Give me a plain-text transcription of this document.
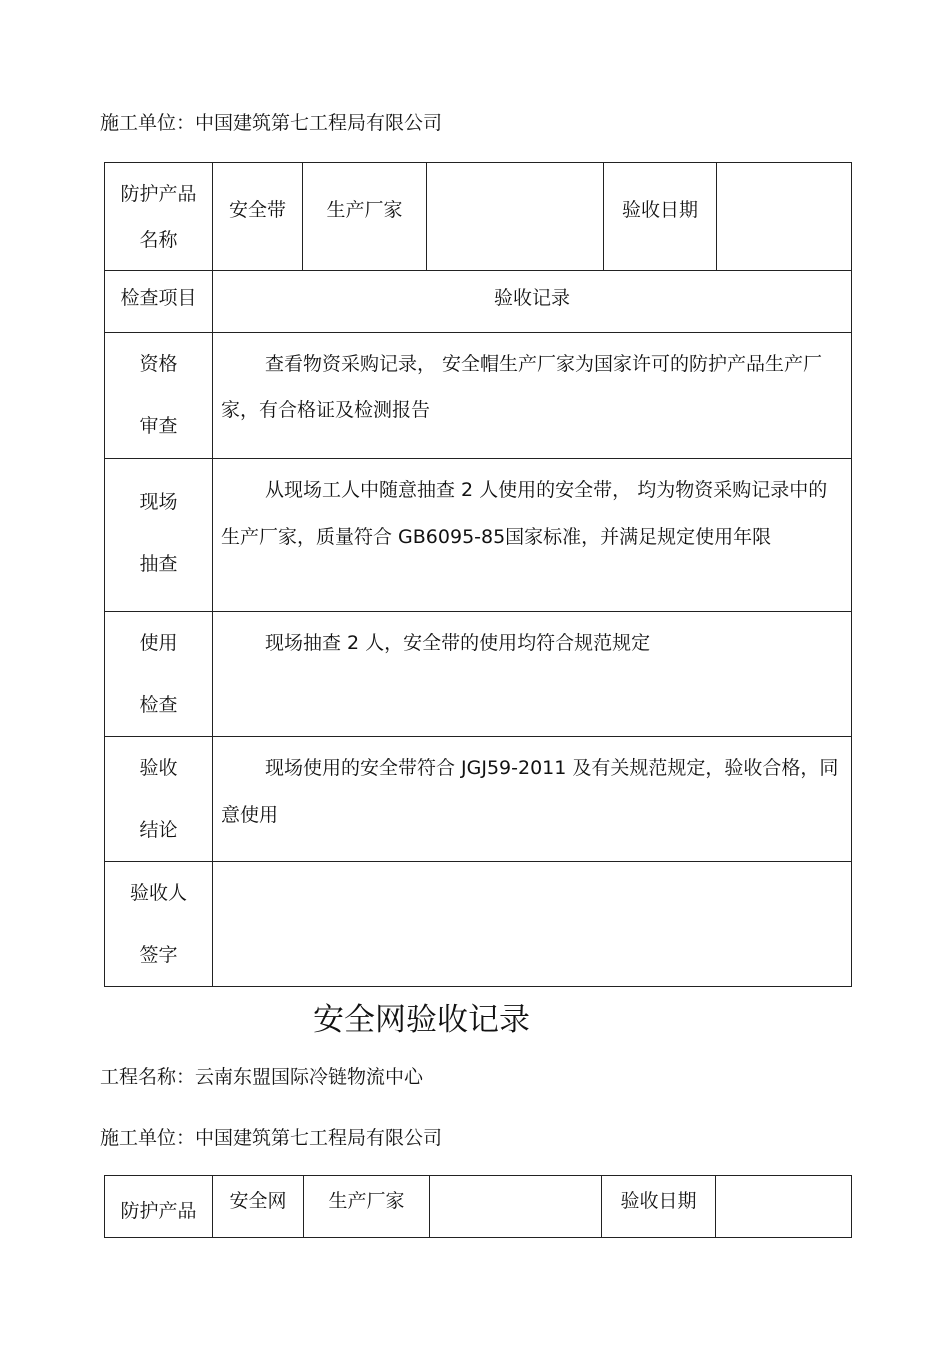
施工单位：中国建筑第七工程局有限公司
防护产品
名称	安全带	生产厂家		验收日期	

检查项目	验收记录				

资格
审查	查看物资采购记录， 安全帽生产厂家为国家许可的防护产品生产厂家，有合格证及检测报告				

现场
抽查	从现场工人中随意抽查 2 人使用的安全带， 均为物资采购记录中的生产厂家，质量符合 GB6095-85国家标准，并满足规定使用年限				

使用
检查	现场抽查 2 人，安全带的使用均符合规范规定				

验收
结论	现场使用的安全带符合 JGJ59-2011 及有关规范规定，验收合格，同意使用				

验收人
签字					

安全网验收记录
工程名称：云南东盟国际冷链物流中心
施工单位：中国建筑第七工程局有限公司
防护产品	安全网	生产厂家		验收日期
